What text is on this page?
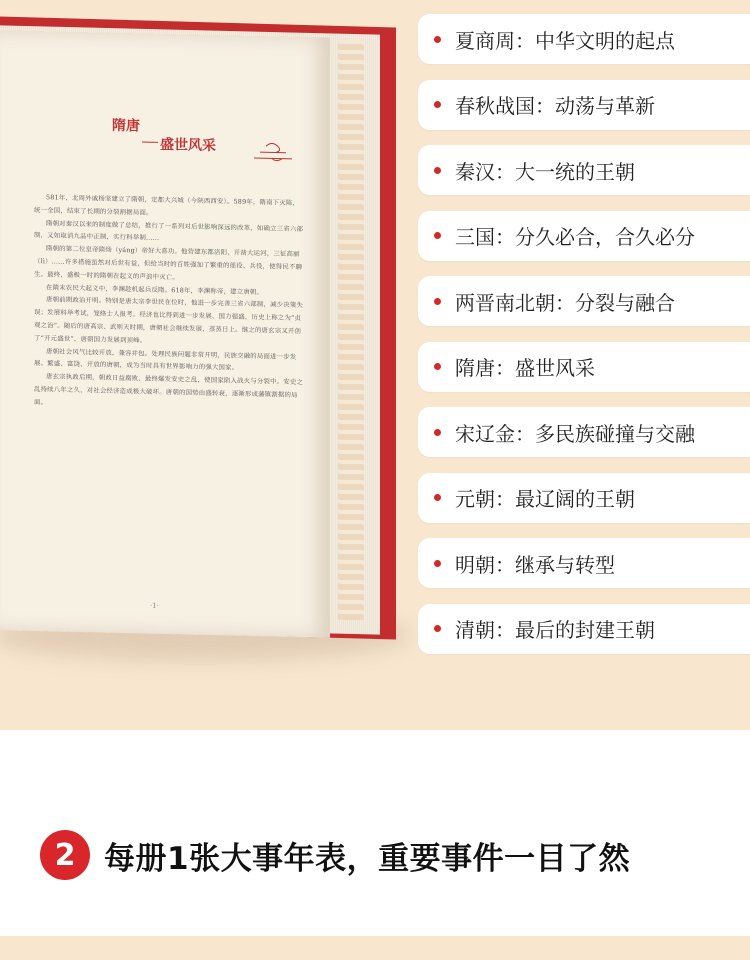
隋唐
盛世风采

581年，北周外戚杨坚建立了隋朝，定都大兴城（今陕西西安）。589年，隋南下灭陈，统一全国，结束了长期的分裂割据局面。

隋朝对秦汉以来的制度做了总结，推行了一系列对后世影响深远的改革，如确立三省六部制，又如取消九品中正制，实行科举制……

隋朝的第二位皇帝隋炀（yáng）帝好大喜功。他营建东都洛阳，开凿大运河，三征高丽（lì）……许多措施虽然对后世有益，但给当时的百姓强加了繁重的徭役、兵役，使得民不聊生。最终，盛极一时的隋朝在起义的声浪中灭亡。

在隋末农民大起义中，李渊趁机起兵反隋。618年，李渊称帝，建立唐朝。

唐朝前期政治开明。特别是唐太宗李世民在位时，他进一步完善三省六部制，减少决策失误；发展科举考试，笼络士人报考。经济也比得到进一步发展，国力强盛，历史上称之为“贞观之治”。随后的唐高宗、武则天时期，唐朝社会继续发展，蒸蒸日上。继之的唐玄宗又开创了“开元盛世”，唐朝国力发展到顶峰。

唐朝社会风气比较开放，兼容并包。处理民族问题非常开明，民族交融的局面进一步发展。繁盛、富饶、开放的唐朝，成为当时具有世界影响力的强大国家。

唐玄宗执政后期，朝政日益腐败，最终爆发安史之乱，使国家陷入战火与分裂中。安史之乱持续八年之久，对社会经济造成极大破坏。唐朝的国势由盛转衰，逐渐形成藩镇割据的局面。

·1·
夏商周：中华文明的起点
春秋战国：动荡与革新
秦汉：大一统的王朝
三国：分久必合，合久必分
两晋南北朝：分裂与融合
隋唐：盛世风采
宋辽金：多民族碰撞与交融
元朝：最辽阔的王朝
明朝：继承与转型
清朝：最后的封建王朝
2 每册1张大事年表，重要事件一目了然
